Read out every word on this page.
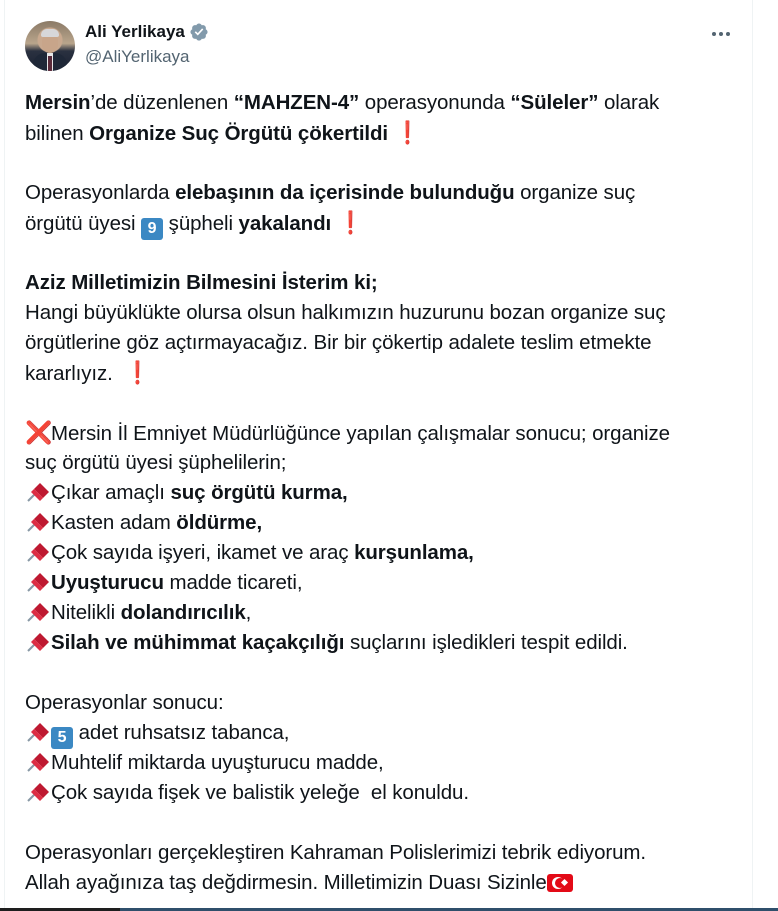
Ali Yerlikaya
@AliYerlikaya
Mersin’de düzenlenen “MAHZEN-4” operasyonunda “Süleler” olarak
bilinen Organize Suç Örgütü çökertildi ❗
Operasyonlarda elebaşının da içerisinde bulunduğu organize suç
örgütü üyesi 9 şüpheli yakalandı ❗
Aziz Milletimizin Bilmesini İsterim ki;
Hangi büyüklükte olursa olsun halkımızın huzurunu bozan organize suç
örgütlerine göz açtırmayacağız. Bir bir çökertip adalete teslim etmekte
kararlıyız.  ❗
❌Mersin İl Emniyet Müdürlüğünce yapılan çalışmalar sonucu; organize
suç örgütü üyesi şüphelilerin;
Çıkar amaçlı suç örgütü kurma,
Kasten adam öldürme,
Çok sayıda işyeri, ikamet ve araç kurşunlama,
Uyuşturucu madde ticareti,
Nitelikli dolandırıcılık,
Silah ve mühimmat kaçakçılığı suçlarını işledikleri tespit edildi.
Operasyonlar sonucu:
5 adet ruhsatsız tabanca,
Muhtelif miktarda uyuşturucu madde,
Çok sayıda fişek ve balistik yeleğe  el konuldu.
Operasyonları gerçekleştiren Kahraman Polislerimizi tebrik ediyorum.
Allah ayağınıza taş değdirmesin. Milletimizin Duası Sizinle
